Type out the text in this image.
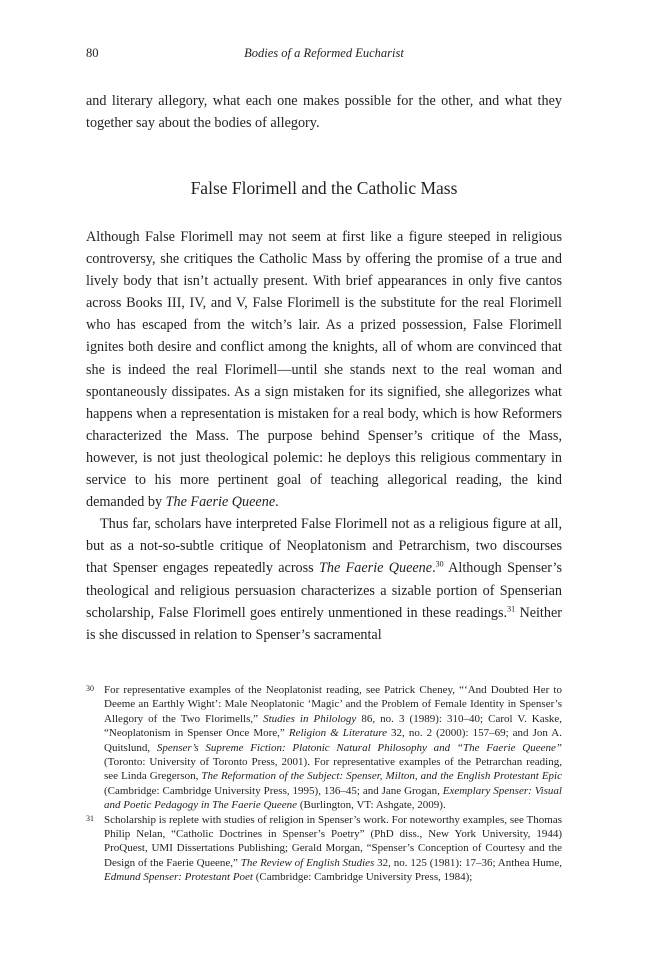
80	Bodies of a Reformed Eucharist

and literary allegory, what each one makes possible for the other, and what they together say about the bodies of allegory.

False Florimell and the Catholic Mass

Although False Florimell may not seem at first like a figure steeped in religious controversy, she critiques the Catholic Mass by offering the promise of a true and lively body that isn’t actually present. With brief appearances in only five cantos across Books III, IV, and V, False Florimell is the substitute for the real Florimell who has escaped from the witch’s lair. As a prized possession, False Florimell ignites both desire and conflict among the knights, all of whom are convinced that she is indeed the real Florimell—until she stands next to the real woman and spontaneously dissipates. As a sign mistaken for its signified, she allegorizes what happens when a representation is mistaken for a real body, which is how Reformers characterized the Mass. The purpose behind Spenser’s critique of the Mass, however, is not just theological polemic: he deploys this religious commentary in service to his more pertinent goal of teaching allegorical reading, the kind demanded by The Faerie Queene.

Thus far, scholars have interpreted False Florimell not as a religious figure at all, but as a not-so-subtle critique of Neoplatonism and Petrarchism, two discourses that Spenser engages repeatedly across The Faerie Queene.$^{30}$ Although Spenser’s theological and religious persuasion characterizes a sizable portion of Spenserian scholarship, False Florimell goes entirely unmentioned in these readings.$^{31}$ Neither is she discussed in relation to Spenser’s sacramental

30 For representative examples of the Neoplatonist reading, see Patrick Cheney, “‘And Doubted Her to Deeme an Earthly Wight’: Male Neoplatonic ‘Magic’ and the Problem of Female Identity in Spenser’s Allegory of the Two Florimells,” Studies in Philology 86, no. 3 (1989): 310–40; Carol V. Kaske, “Neoplatonism in Spenser Once More,” Religion & Literature 32, no. 2 (2000): 157–69; and Jon A. Quitslund, Spenser’s Supreme Fiction: Platonic Natural Philosophy and “The Faerie Queene” (Toronto: University of Toronto Press, 2001). For representative examples of the Petrarchan reading, see Linda Gregerson, The Reformation of the Subject: Spenser, Milton, and the English Protestant Epic (Cambridge: Cambridge University Press, 1995), 136–45; and Jane Grogan, Exemplary Spenser: Visual and Poetic Pedagogy in The Faerie Queene (Burlington, VT: Ashgate, 2009).
31 Scholarship is replete with studies of religion in Spenser’s work. For noteworthy examples, see Thomas Philip Nelan, “Catholic Doctrines in Spenser’s Poetry” (PhD diss., New York University, 1944) ProQuest, UMI Dissertations Publishing; Gerald Morgan, “Spenser’s Conception of Courtesy and the Design of the Faerie Queene,” The Review of English Studies 32, no. 125 (1981): 17–36; Anthea Hume, Edmund Spenser: Protestant Poet (Cambridge: Cambridge University Press, 1984);
